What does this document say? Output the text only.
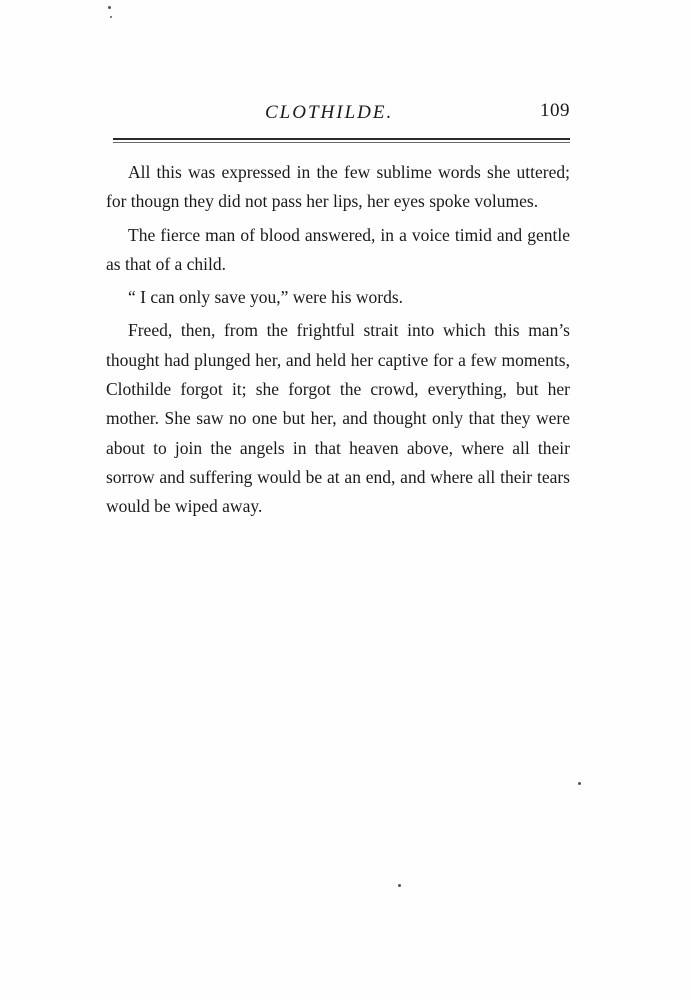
CLOTHILDE.	109

All this was expressed in the few sublime words she uttered; for thougn they did not pass her lips, her eyes spoke volumes.

The fierce man of blood answered, in a voice timid and gentle as that of a child.

“ I can only save you,” were his words.

Freed, then, from the frightful strait into which this man’s thought had plunged her, and held her captive for a few moments, Clothilde forgot it; she forgot the crowd, everything, but her mother. She saw no one but her, and thought only that they were about to join the angels in that heaven above, where all their sorrow and suffering would be at an end, and where all their tears would be wiped away.
